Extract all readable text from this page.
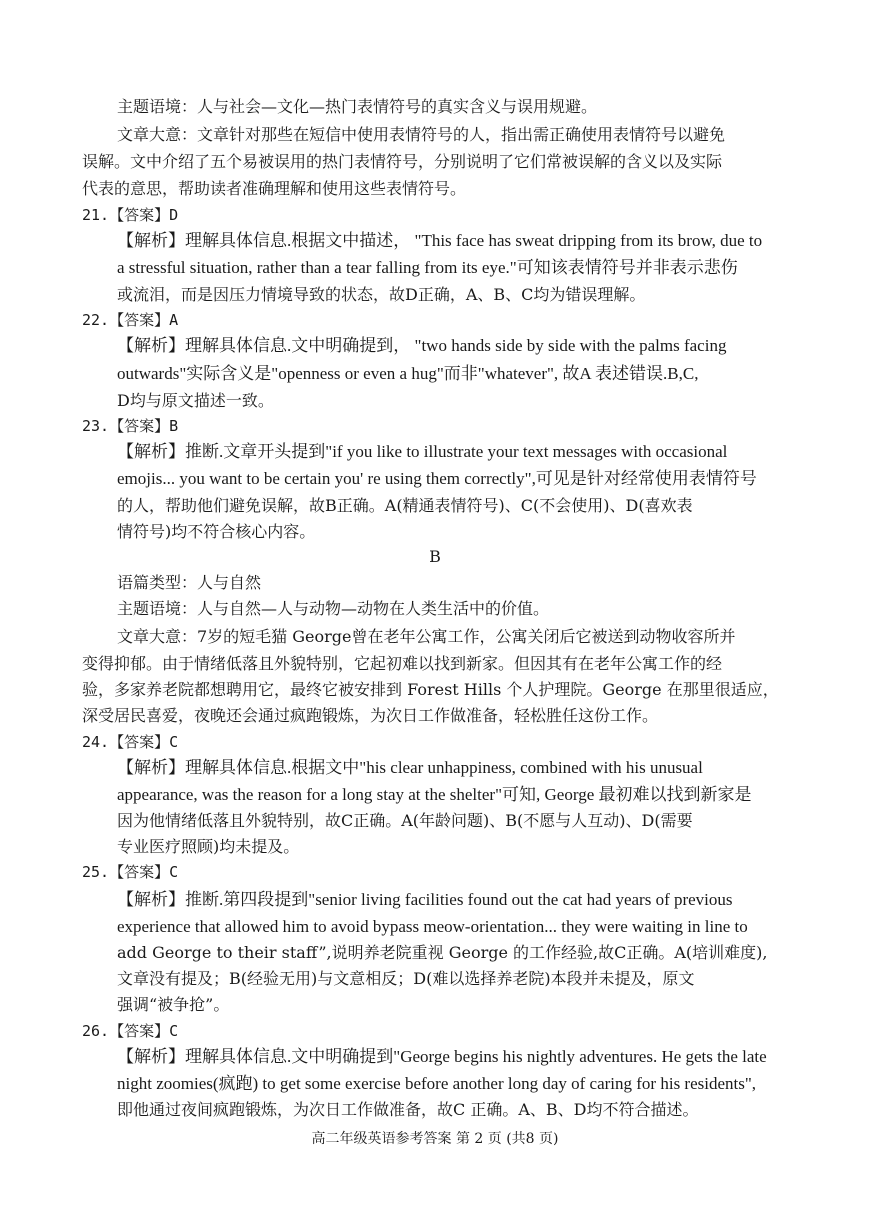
主题语境：人与社会—文化—热门表情符号的真实含义与误用规避。
文章大意：文章针对那些在短信中使用表情符号的人，指出需正确使用表情符号以避免
误解。文中介绍了五个易被误用的热门表情符号，分别说明了它们常被误解的含义以及实际
代表的意思，帮助读者准确理解和使用这些表情符号。
21.【答案】D
【解析】理解具体信息.根据文中描述， "This face has sweat dripping from its brow, due to
a stressful situation, rather than a tear falling from its eye."可知该表情符号并非表示悲伤
或流泪，而是因压力情境导致的状态，故D正确，A、B、C均为错误理解。
22.【答案】A
【解析】理解具体信息.文中明确提到， "two hands side by side with the palms facing
outwards"实际含义是"openness or even a hug"而非"whatever", 故A 表述错误.B,C,
D均与原文描述一致。
23.【答案】B
【解析】推断.文章开头提到"if you like to illustrate your text messages with occasional
emojis... you want to be certain you' re using them correctly",可见是针对经常使用表情符号
的人，帮助他们避免误解，故B正确。A(精通表情符号)、C(不会使用)、D(喜欢表
情符号)均不符合核心内容。
B
语篇类型：人与自然
主题语境：人与自然—人与动物—动物在人类生活中的价值。
文章大意：7岁的短毛猫 George曾在老年公寓工作，公寓关闭后它被送到动物收容所并
变得抑郁。由于情绪低落且外貌特别，它起初难以找到新家。但因其有在老年公寓工作的经
验，多家养老院都想聘用它，最终它被安排到 Forest Hills 个人护理院。George 在那里很适应，
深受居民喜爱，夜晚还会通过疯跑锻炼，为次日工作做准备，轻松胜任这份工作。
24.【答案】C
【解析】理解具体信息.根据文中"his clear unhappiness, combined with his unusual
appearance, was the reason for a long stay at the shelter"可知, George 最初难以找到新家是
因为他情绪低落且外貌特别，故C正确。A(年龄问题)、B(不愿与人互动)、D(需要
专业医疗照顾)均未提及。
25.【答案】C
【解析】推断.第四段提到"senior living facilities found out the cat had years of previous
experience that allowed him to avoid bypass meow-orientation... they were waiting in line to
add George to their staff”,说明养老院重视 George 的工作经验,故C正确。A(培训难度),
文章没有提及；B(经验无用)与文意相反；D(难以选择养老院)本段并未提及，原文
强调“被争抢”。
26.【答案】C
【解析】理解具体信息.文中明确提到"George begins his nightly adventures. He gets the late
night zoomies(疯跑) to get some exercise before another long day of caring for his residents",
即他通过夜间疯跑锻炼，为次日工作做准备，故C 正确。A、B、D均不符合描述。
高二年级英语参考答案 第 2 页 (共8 页)
